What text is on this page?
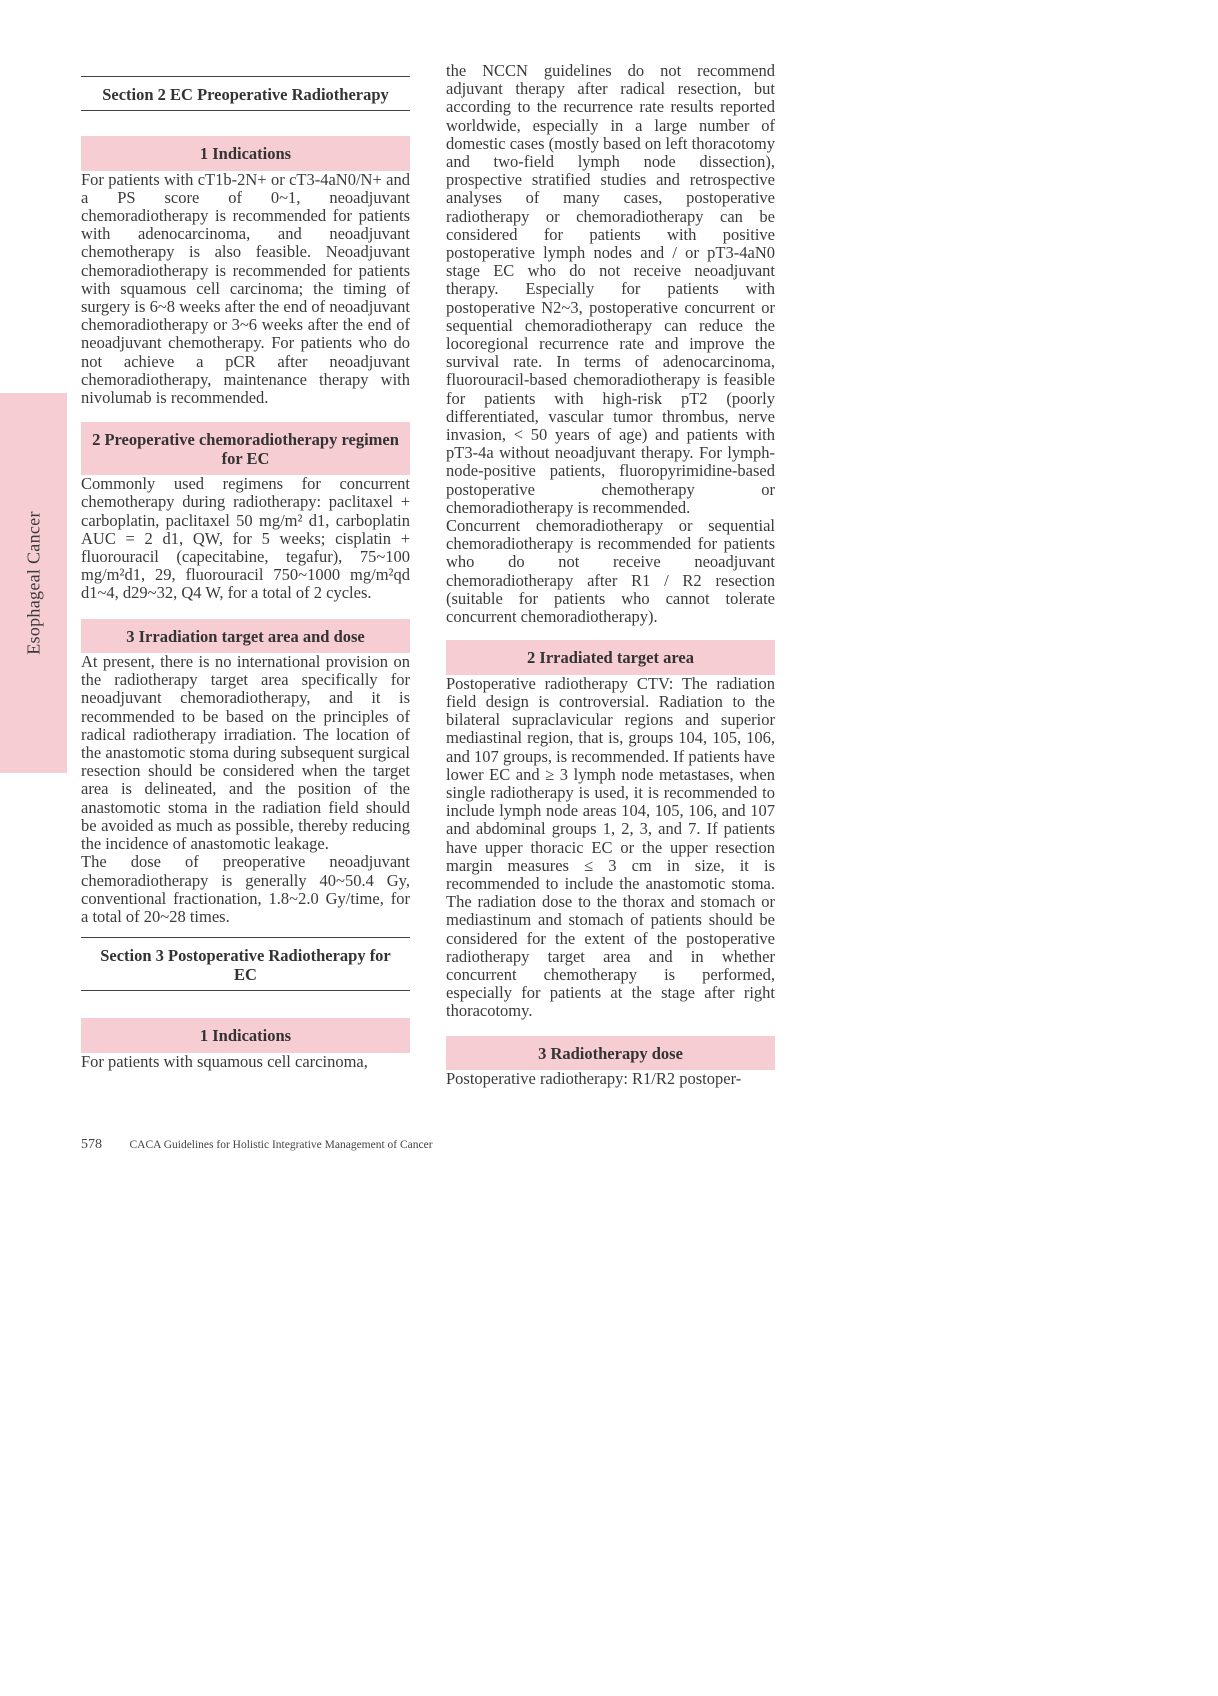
Esophageal Cancer
Section 2 EC Preoperative Radiotherapy
1 Indications

For patients with cT1b-2N+ or cT3-4aN0/N+ and a PS score of 0~1, neoadjuvant chemoradiotherapy is recommended for patients with adenocarcinoma, and neoadjuvant chemotherapy is also feasible. Neoadjuvant chemoradiotherapy is recommended for patients with squamous cell carcinoma; the timing of surgery is 6~8 weeks after the end of neoadjuvant chemoradiotherapy or 3~6 weeks after the end of neoadjuvant chemotherapy. For patients who do not achieve a pCR after neoadjuvant chemoradiotherapy, maintenance therapy with nivolumab is recommended.

2 Preoperative chemoradiotherapy regimen for EC

Commonly used regimens for concurrent chemotherapy during radiotherapy: paclitaxel + carboplatin, paclitaxel 50 mg/m² d1, carboplatin AUC = 2 d1, QW, for 5 weeks; cisplatin + fluorouracil (capecitabine, tegafur), 75~100 mg/m²d1, 29, fluorouracil 750~1000 mg/m²qd d1~4, d29~32, Q4 W, for a total of 2 cycles.

3 Irradiation target area and dose

At present, there is no international provision on the radiotherapy target area specifically for neoadjuvant chemoradiotherapy, and it is recommended to be based on the principles of radical radiotherapy irradiation. The location of the anastomotic stoma during subsequent surgical resection should be considered when the target area is delineated, and the position of the anastomotic stoma in the radiation field should be avoided as much as possible, thereby reducing the incidence of anastomotic leakage.

The dose of preoperative neoadjuvant chemoradiotherapy is generally 40~50.4 Gy, conventional fractionation, 1.8~2.0 Gy/time, for a total of 20~28 times.

Section 3 Postoperative Radiotherapy for EC
1 Indications

For patients with squamous cell carcinoma,

the NCCN guidelines do not recommend adjuvant therapy after radical resection, but according to the recurrence rate results reported worldwide, especially in a large number of domestic cases (mostly based on left thoracotomy and two-field lymph node dissection), prospective stratified studies and retrospective analyses of many cases, postoperative radiotherapy or chemoradiotherapy can be considered for patients with positive postoperative lymph nodes and / or pT3-4aN0 stage EC who do not receive neoadjuvant therapy. Especially for patients with postoperative N2~3, postoperative concurrent or sequential chemoradiotherapy can reduce the locoregional recurrence rate and improve the survival rate. In terms of adenocarcinoma, fluorouracil-based chemoradiotherapy is feasible for patients with high-risk pT2 (poorly differentiated, vascular tumor thrombus, nerve invasion, < 50 years of age) and patients with pT3-4a without neoadjuvant therapy. For lymph-node-positive patients, fluoropyrimidine-based postoperative chemotherapy or chemoradiotherapy is recommended.

Concurrent chemoradiotherapy or sequential chemoradiotherapy is recommended for patients who do not receive neoadjuvant chemoradiotherapy after R1 / R2 resection (suitable for patients who cannot tolerate concurrent chemoradiotherapy).

2 Irradiated target area

Postoperative radiotherapy CTV: The radiation field design is controversial. Radiation to the bilateral supraclavicular regions and superior mediastinal region, that is, groups 104, 105, 106, and 107 groups, is recommended. If patients have lower EC and ≥ 3 lymph node metastases, when single radiotherapy is used, it is recommended to include lymph node areas 104, 105, 106, and 107 and abdominal groups 1, 2, 3, and 7. If patients have upper thoracic EC or the upper resection margin measures ≤ 3 cm in size, it is recommended to include the anastomotic stoma. The radiation dose to the thorax and stomach or mediastinum and stomach of patients should be considered for the extent of the postoperative radiotherapy target area and in whether concurrent chemotherapy is performed, especially for patients at the stage after right thoracotomy.

3 Radiotherapy dose

Postoperative radiotherapy: R1/R2 postoper-

578 CACA Guidelines for Holistic Integrative Management of Cancer
